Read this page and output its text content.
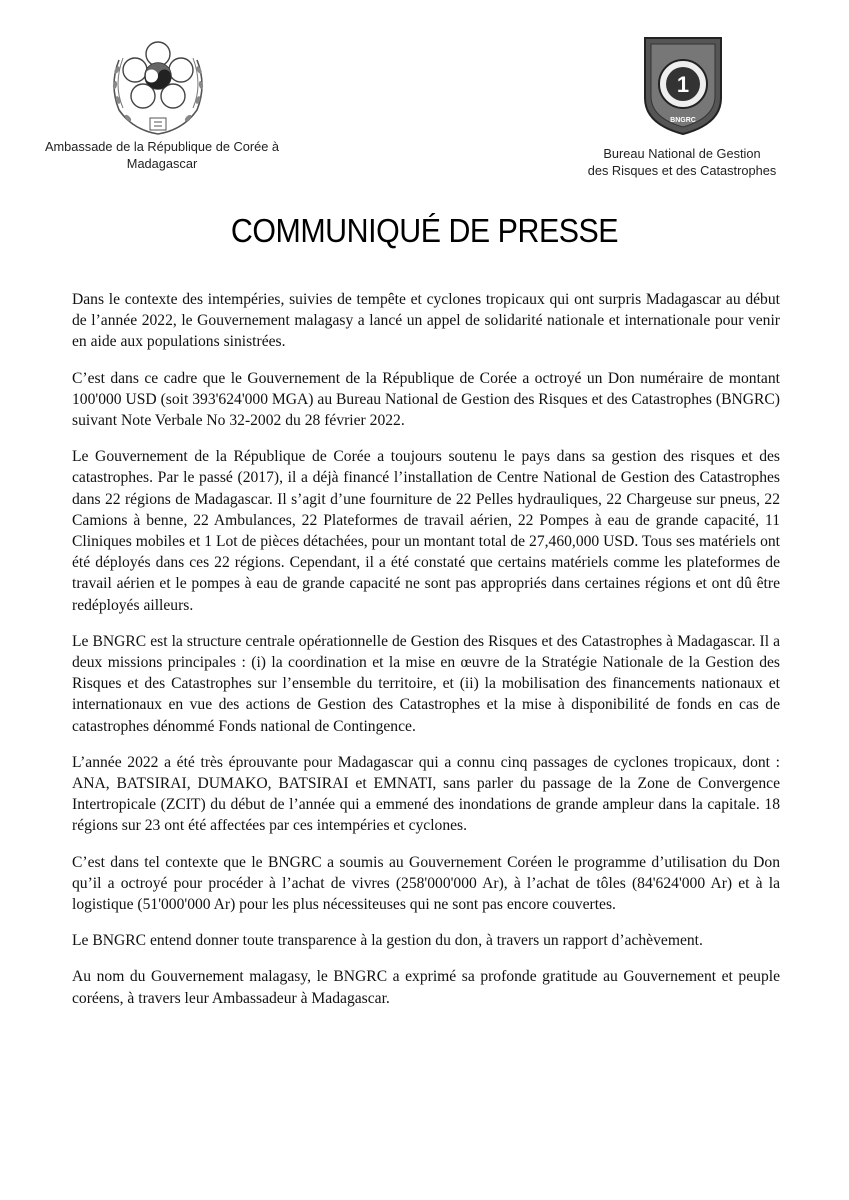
1
BNGRC
Ambassade de la République de Corée à Madagascar
Bureau National de Gestion
des Risques et des Catastrophes
COMMUNIQUÉ DE PRESSE

Dans le contexte des intempéries, suivies de tempête et cyclones tropicaux qui ont surpris Madagascar au début de l’année 2022, le Gouvernement malagasy a lancé un appel de solidarité nationale et internationale pour venir en aide aux populations sinistrées.

C’est dans ce cadre que le Gouvernement de la République de Corée a octroyé un Don numéraire de montant 100'000 USD (soit 393'624'000 MGA) au Bureau National de Gestion des Risques et des Catastrophes (BNGRC) suivant Note Verbale No 32-2002 du 28 février 2022.

Le Gouvernement de la République de Corée a toujours soutenu le pays dans sa gestion des risques et des catastrophes. Par le passé (2017), il a déjà financé l’installation de Centre National de Gestion des Catastrophes dans 22 régions de Madagascar. Il s’agit d’une fourniture de 22 Pelles hydrauliques, 22 Chargeuse sur pneus, 22 Camions à benne, 22 Ambulances, 22 Plateformes de travail aérien, 22 Pompes à eau de grande capacité, 11 Cliniques mobiles et 1 Lot de pièces détachées, pour un montant total de 27,460,000 USD. Tous ses matériels ont été déployés dans ces 22 régions. Cependant, il a été constaté que certains matériels comme les plateformes de travail aérien et le pompes à eau de grande capacité ne sont pas appropriés dans certaines régions et ont dû être redéployés ailleurs.

Le BNGRC est la structure centrale opérationnelle de Gestion des Risques et des Catastrophes à Madagascar. Il a deux missions principales : (i) la coordination et la mise en œuvre de la Stratégie Nationale de la Gestion des Risques et des Catastrophes sur l’ensemble du territoire, et (ii) la mobilisation des financements nationaux et internationaux en vue des actions de Gestion des Catastrophes et la mise à disponibilité de fonds en cas de catastrophes dénommé Fonds national de Contingence.

L’année 2022 a été très éprouvante pour Madagascar qui a connu cinq passages de cyclones tropicaux, dont : ANA, BATSIRAI, DUMAKO, BATSIRAI et EMNATI, sans parler du passage de la Zone de Convergence Intertropicale (ZCIT) du début de l’année qui a emmené des inondations de grande ampleur dans la capitale. 18 régions sur 23 ont été affectées par ces intempéries et cyclones.

C’est dans tel contexte que le BNGRC a soumis au Gouvernement Coréen le programme d’utilisation du Don qu’il a octroyé pour procéder à l’achat de vivres (258'000'000 Ar), à l’achat de tôles (84'624'000 Ar) et à la logistique (51'000'000 Ar) pour les plus nécessiteuses qui ne sont pas encore couvertes.

Le BNGRC entend donner toute transparence à la gestion du don, à travers un rapport d’achèvement.

Au nom du Gouvernement malagasy, le BNGRC a exprimé sa profonde gratitude au Gouvernement et peuple coréens, à travers leur Ambassadeur à Madagascar.
